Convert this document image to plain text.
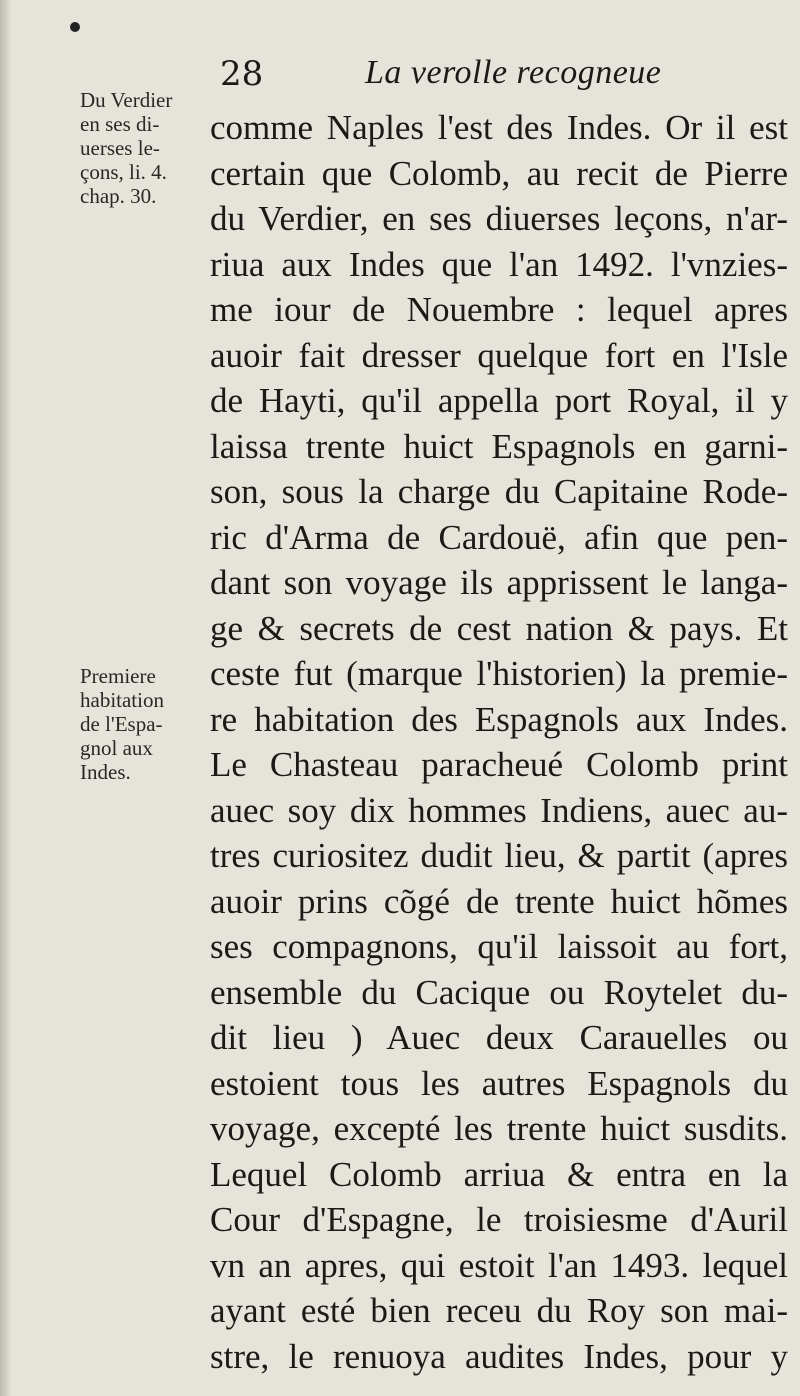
28	La verolle recogneue
Du Verdier
en ses di-
uerses le-
çons, li. 4.
chap. 30.
Premiere
habitation
de l'Espa-
gnol aux
Indes.
comme Naples l'est des Indes. Or il est
certain que Colomb, au recit de Pierre
du Verdier, en ses diuerses leçons, n'ar-
riua aux Indes que l'an 1492. l'vnzies-
me iour de Nouembre : lequel apres
auoir fait dresser quelque fort en l'Isle
de Hayti, qu'il appella port Royal, il y
laissa trente huict Espagnols en garni-
son, sous la charge du Capitaine Rode-
ric d'Arma de Cardouë, afin que pen-
dant son voyage ils apprissent le langa-
ge & secrets de cest nation & pays. Et
ceste fut (marque l'historien) la premie-
re habitation des Espagnols aux Indes.
Le Chasteau paracheué Colomb print
auec soy dix hommes Indiens, auec au-
tres curiositez dudit lieu, & partit (apres
auoir prins cõgé de trente huict hõmes
ses compagnons, qu'il laissoit au fort,
ensemble du Cacique ou Roytelet du-
dit lieu ) Auec deux Carauelles ou
estoient tous les autres Espagnols du
voyage, excepté les trente huict susdits.
Lequel Colomb arriua & entra en la
Cour d'Espagne, le troisiesme d'Auril
vn an apres, qui estoit l'an 1493. lequel
ayant esté bien receu du Roy son mai-
stre, le renuoya audites Indes, pour y
